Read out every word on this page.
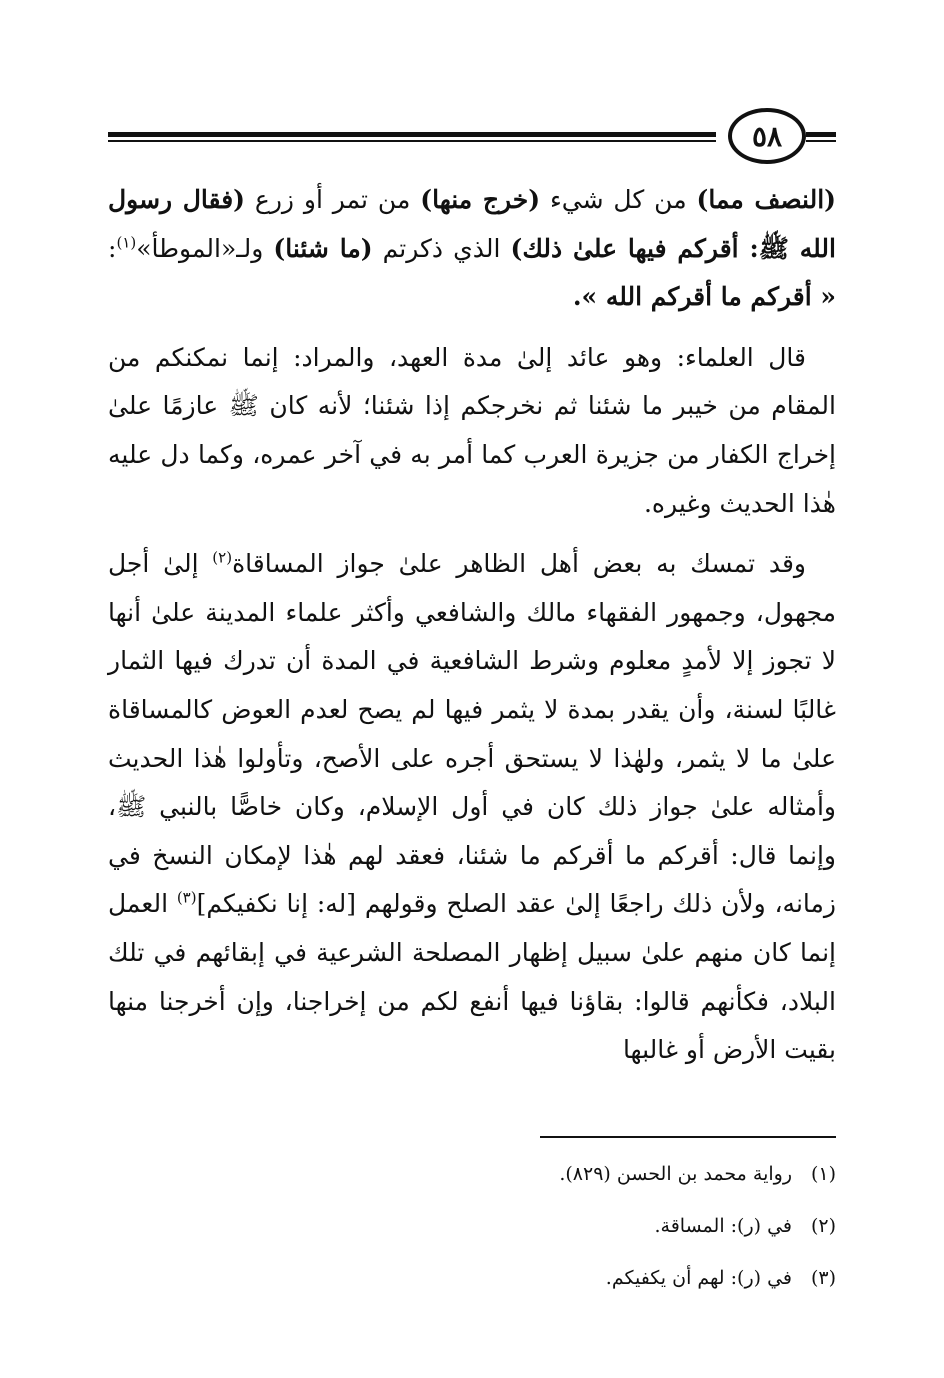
٥٨

(النصف مما) من كل شيء (خرج منها) من تمر أو زرع (فقال رسول الله ﷺ: أقركم فيها علىٰ ذلك) الذي ذكرتم (ما شئنا) ولـ«الموطأ»$^{(١)}$: « أقركم ما أقركم الله ».

قال العلماء: وهو عائد إلىٰ مدة العهد، والمراد: إنما نمكنكم من المقام من خيبر ما شئنا ثم نخرجكم إذا شئنا؛ لأنه كان ﷺ عازمًا علىٰ إخراج الكفار من جزيرة العرب كما أمر به في آخر عمره، وكما دل عليه هٰذا الحديث وغيره.

وقد تمسك به بعض أهل الظاهر علىٰ جواز المساقاة$^{(٢)}$ إلىٰ أجل مجهول، وجمهور الفقهاء مالك والشافعي وأكثر علماء المدينة علىٰ أنها لا تجوز إلا لأمدٍ معلوم وشرط الشافعية في المدة أن تدرك فيها الثمار غالبًا لسنة، وأن يقدر بمدة لا يثمر فيها لم يصح لعدم العوض كالمساقاة علىٰ ما لا يثمر، ولهٰذا لا يستحق أجره على الأصح، وتأولوا هٰذا الحديث وأمثاله علىٰ جواز ذلك كان في أول الإسلام، وكان خاصًّا بالنبي ﷺ، وإنما قال: أقركم ما أقركم ما شئنا، فعقد لهم هٰذا لإمكان النسخ في زمانه، ولأن ذلك راجعًا إلىٰ عقد الصلح وقولهم [له: إنا نكفيكم]$^{(٣)}$ العمل إنما كان منهم علىٰ سبيل إظهار المصلحة الشرعية في إبقائهم في تلك البلاد، فكأنهم قالوا: بقاؤنا فيها أنفع لكم من إخراجنا، وإن أخرجنا منها بقيت الأرض أو غالبها

(١)
رواية محمد بن الحسن (٨٢٩).
(٢)
في (ر): المساقة.
(٣)
في (ر): لهم أن يكفيكم.
